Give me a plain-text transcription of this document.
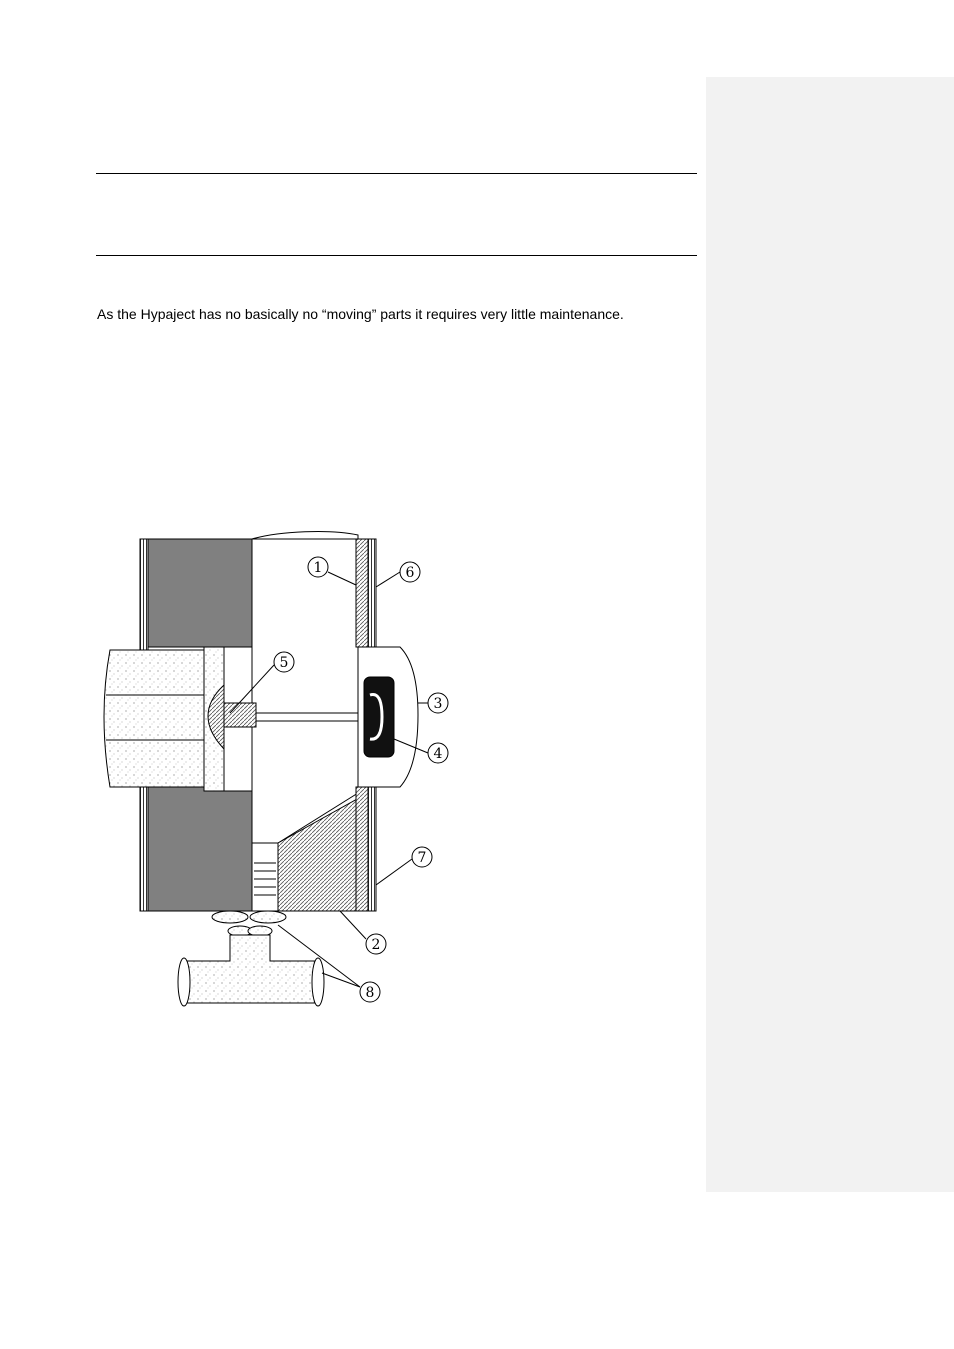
As the Hypaject has no basically no “moving” parts it requires very little maintenance.

1	6
5
3
4
7
2
8
